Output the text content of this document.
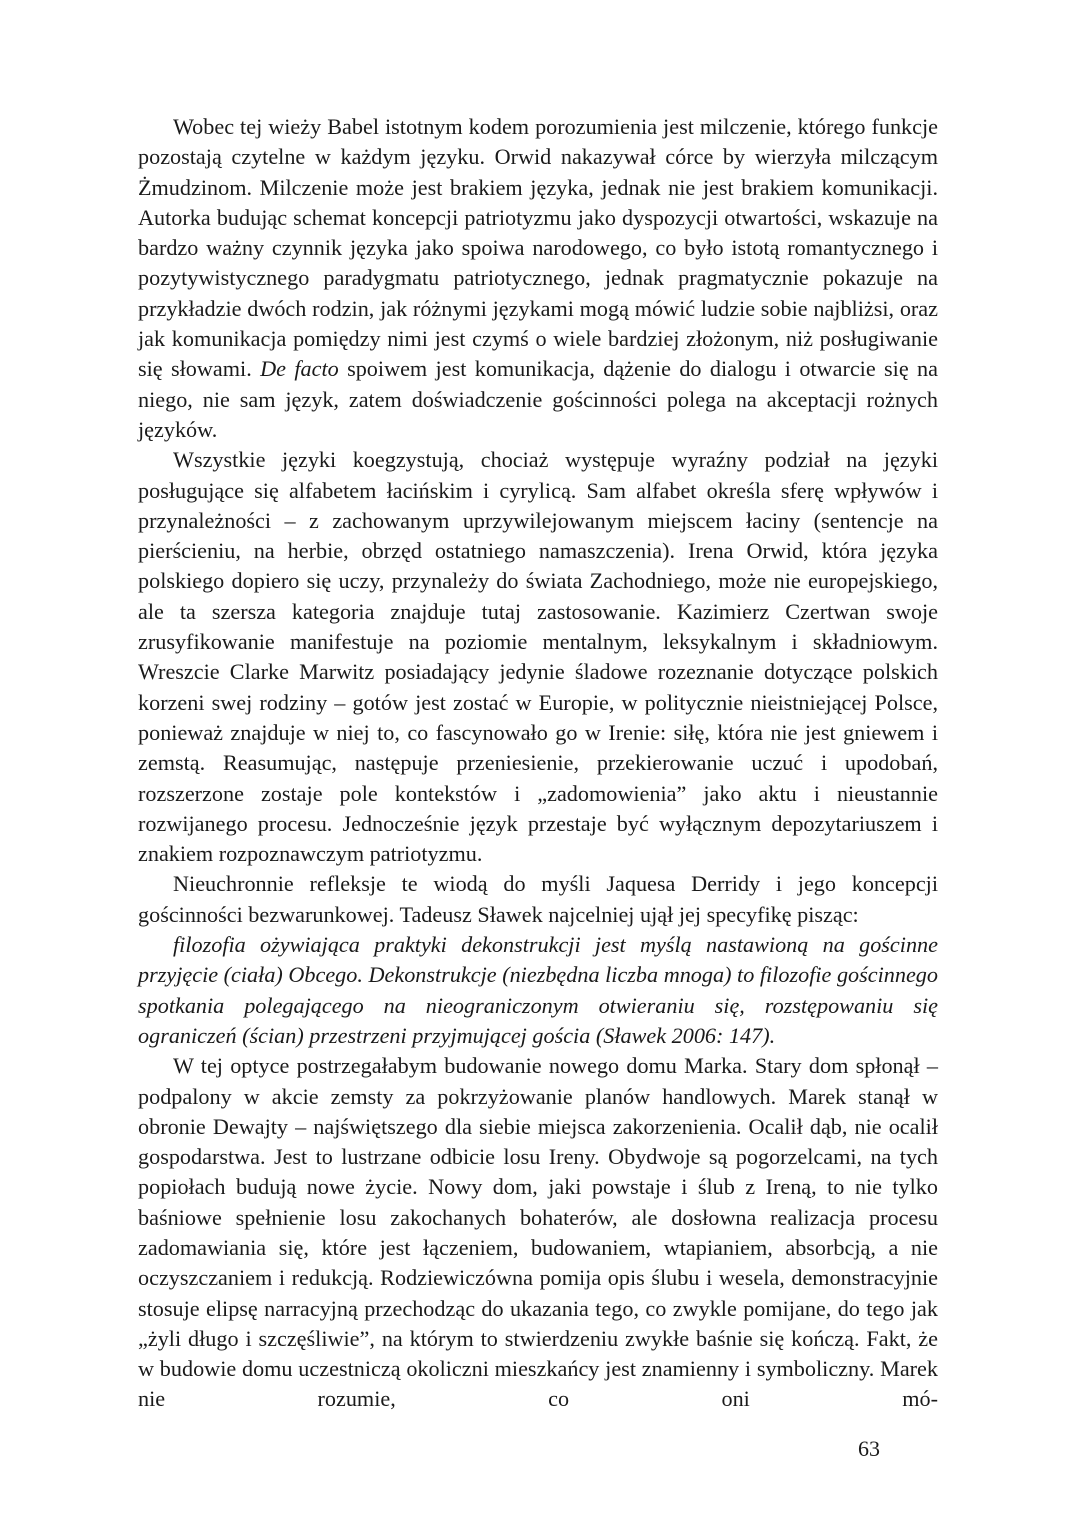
Wobec tej wieży Babel istotnym kodem porozumienia jest milczenie, którego funkcje pozostają czytelne w każdym języku. Orwid nakazywał córce by wierzyła milczącym Żmudzinom. Milczenie może jest brakiem języka, jednak nie jest brakiem komunikacji. Autorka budując schemat koncepcji patriotyzmu jako dyspozycji otwartości, wskazuje na bardzo ważny czynnik języka jako spoiwa narodowego, co było istotą romantycznego i pozytywistycznego paradygmatu patriotycznego, jednak pragmatycznie pokazuje na przykładzie dwóch rodzin, jak różnymi językami mogą mówić ludzie sobie najbliżsi, oraz jak komunikacja pomiędzy nimi jest czymś o wiele bardziej złożonym, niż posługiwanie się słowami. De facto spoiwem jest komunikacja, dążenie do dialogu i otwarcie się na niego, nie sam język, zatem doświadczenie gościnności polega na akceptacji rożnych języków.

Wszystkie języki koegzystują, chociaż występuje wyraźny podział na języki posługujące się alfabetem łacińskim i cyrylicą. Sam alfabet określa sferę wpływów i przynależności – z zachowanym uprzywilejowanym miejscem łaciny (sentencje na pierścieniu, na herbie, obrzęd ostatniego namaszczenia). Irena Orwid, która języka polskiego dopiero się uczy, przynależy do świata Zachodniego, może nie europejskiego, ale ta szersza kategoria znajduje tutaj zastosowanie. Kazimierz Czertwan swoje zrusyfikowanie manifestuje na poziomie mentalnym, leksykalnym i składniowym. Wreszcie Clarke Marwitz posiadający jedynie śladowe rozeznanie dotyczące polskich korzeni swej rodziny – gotów jest zostać w Europie, w politycznie nieistniejącej Polsce, ponieważ znajduje w niej to, co fascynowało go w Irenie: siłę, która nie jest gniewem i zemstą. Reasumując, następuje przeniesienie, przekierowanie uczuć i upodobań, rozszerzone zostaje pole kontekstów i „zadomowienia” jako aktu i nieustannie rozwijanego procesu. Jednocześnie język przestaje być wyłącznym depozytariuszem i znakiem rozpoznawczym patriotyzmu.

Nieuchronnie refleksje te wiodą do myśli Jaquesa Derridy i jego koncepcji gościnności bezwarunkowej. Tadeusz Sławek najcelniej ujął jej specyfikę pisząc:

filozofia ożywiająca praktyki dekonstrukcji jest myślą nastawioną na gościnne przyjęcie (ciała) Obcego. Dekonstrukcje (niezbędna liczba mnoga) to filozofie gościnnego spotkania polegającego na nieograniczonym otwieraniu się, rozstępowaniu się ograniczeń (ścian) przestrzeni przyjmującej gościa (Sławek 2006: 147).

W tej optyce postrzegałabym budowanie nowego domu Marka. Stary dom spłonął – podpalony w akcie zemsty za pokrzyżowanie planów handlowych. Marek stanął w obronie Dewajty – najświętszego dla siebie miejsca zakorzenienia. Ocalił dąb, nie ocalił gospodarstwa. Jest to lustrzane odbicie losu Ireny. Obydwoje są pogorzelcami, na tych popiołach budują nowe życie. Nowy dom, jaki powstaje i ślub z Ireną, to nie tylko baśniowe spełnienie losu zakochanych bohaterów, ale dosłowna realizacja procesu zadomawiania się, które jest łączeniem, budowaniem, wtapianiem, absorbcją, a nie oczyszczaniem i redukcją. Rodziewiczówna pomija opis ślubu i wesela, demonstracyjnie stosuje elipsę narracyjną przechodząc do ukazania tego, co zwykle pomijane, do tego jak „żyli długo i szczęśliwie”, na którym to stwierdzeniu zwykłe baśnie się kończą. Fakt, że w budowie domu uczestniczą okoliczni mieszkańcy jest znamienny i symboliczny. Marek nie rozumie, co oni mó-

63
